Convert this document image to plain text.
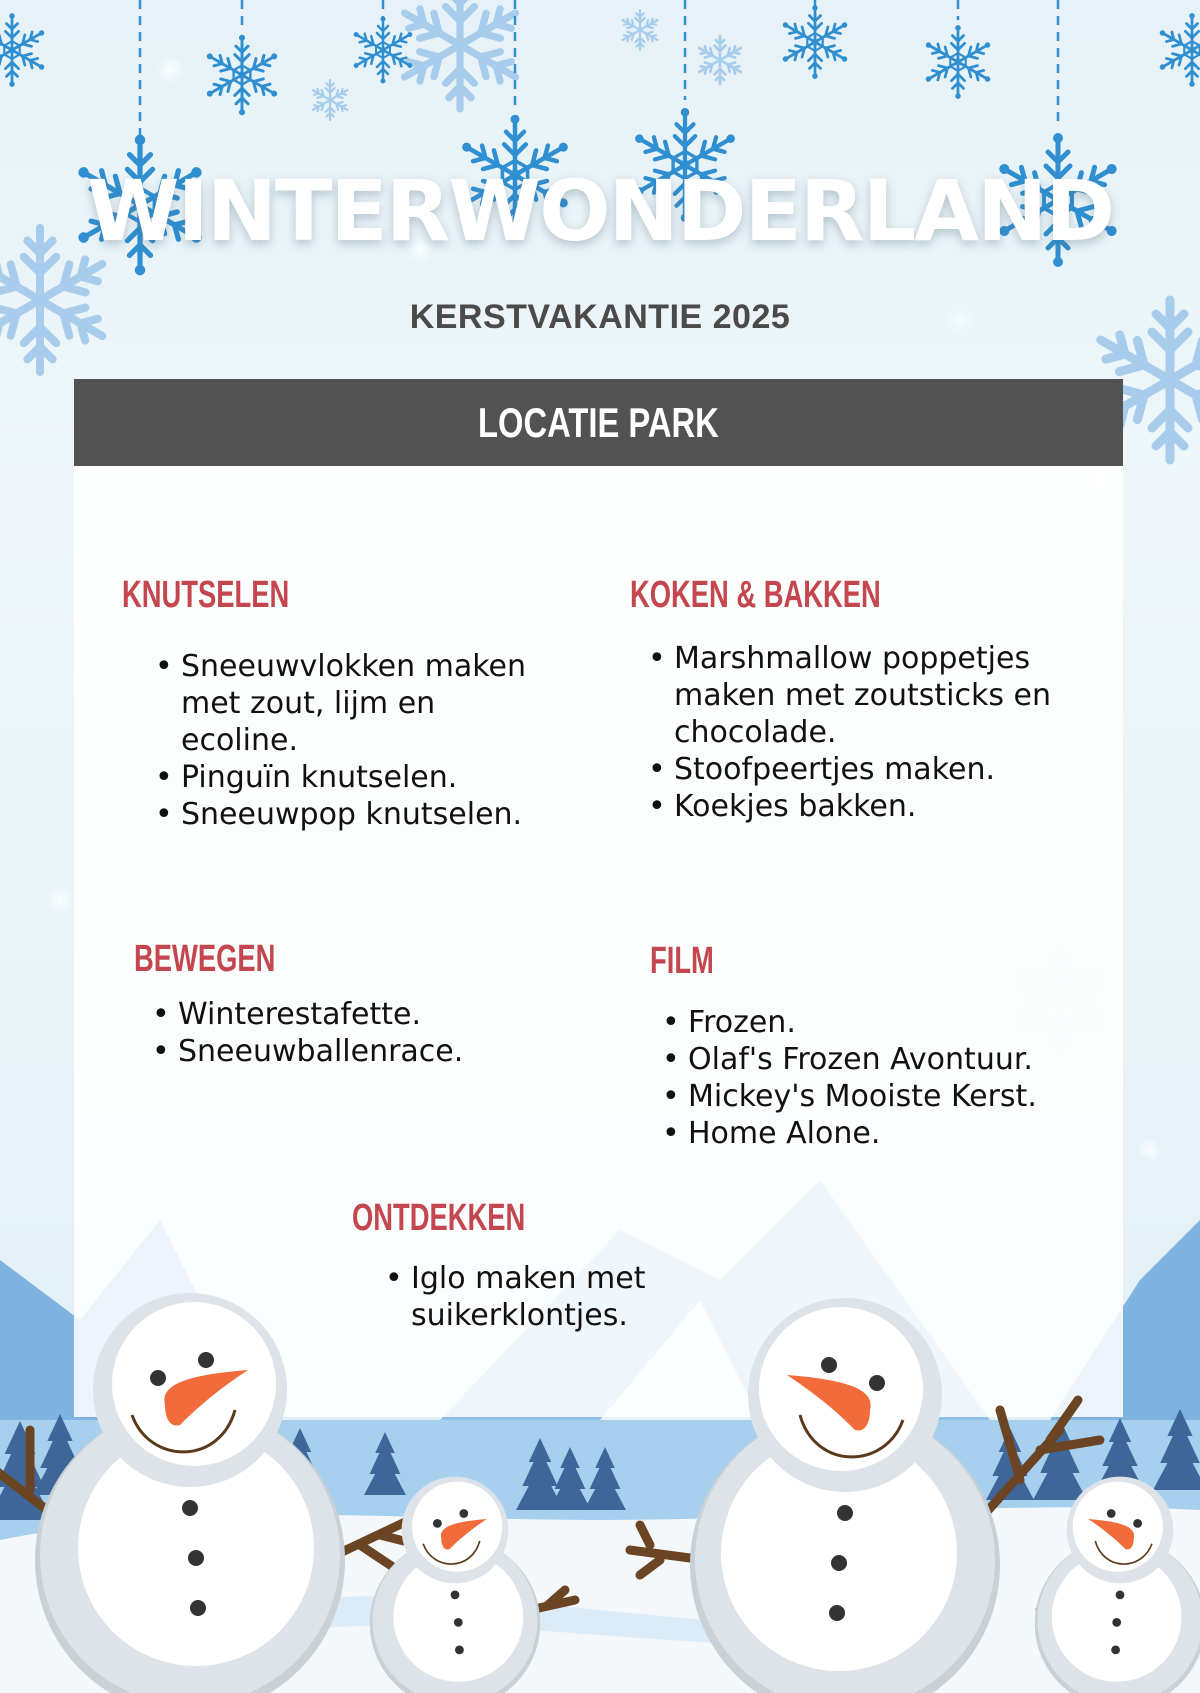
WINTERWONDERLAND
KERSTVAKANTIE 2025
LOCATIE PARK
KNUTSELEN
• Sneeuwvlokken maken met zout, lijm en ecoline.
• Pinguïn knutselen.
• Sneeuwpop knutselen.
KOKEN & BAKKEN
• Marshmallow poppetjes maken met zoutsticks en chocolade.
• Stoofpeertjes maken.
• Koekjes bakken.
BEWEGEN
• Winterestafette.
• Sneeuwballenrace.
FILM
• Frozen.
• Olaf's Frozen Avontuur.
• Mickey's Mooiste Kerst.
• Home Alone.
ONTDEKKEN
• Iglo maken met suikerklontjes.
